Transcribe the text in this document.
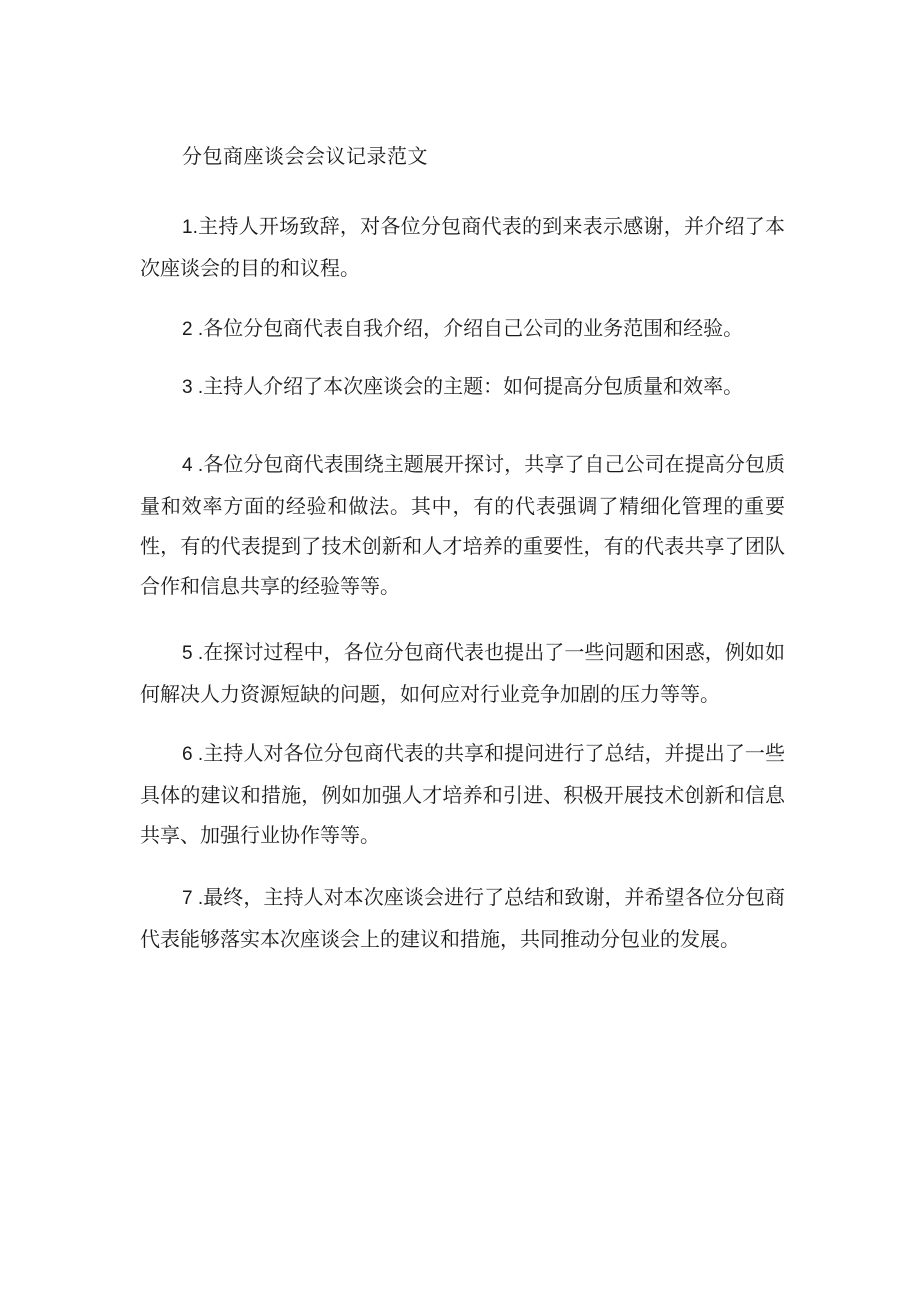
分包商座谈会会议记录范文

1.主持人开场致辞，对各位分包商代表的到来表示感谢，并介绍了本次座谈会的目的和议程。

2 .各位分包商代表自我介绍，介绍自己公司的业务范围和经验。

3 .主持人介绍了本次座谈会的主题：如何提高分包质量和效率。

4 .各位分包商代表围绕主题展开探讨，共享了自己公司在提高分包质量和效率方面的经验和做法。其中，有的代表强调了精细化管理的重要性，有的代表提到了技术创新和人才培养的重要性，有的代表共享了团队合作和信息共享的经验等等。

5 .在探讨过程中，各位分包商代表也提出了一些问题和困惑，例如如何解决人力资源短缺的问题，如何应对行业竞争加剧的压力等等。

6 .主持人对各位分包商代表的共享和提问进行了总结，并提出了一些具体的建议和措施，例如加强人才培养和引进、积极开展技术创新和信息共享、加强行业协作等等。

7 .最终，主持人对本次座谈会进行了总结和致谢，并希望各位分包商代表能够落实本次座谈会上的建议和措施，共同推动分包业的发展。
